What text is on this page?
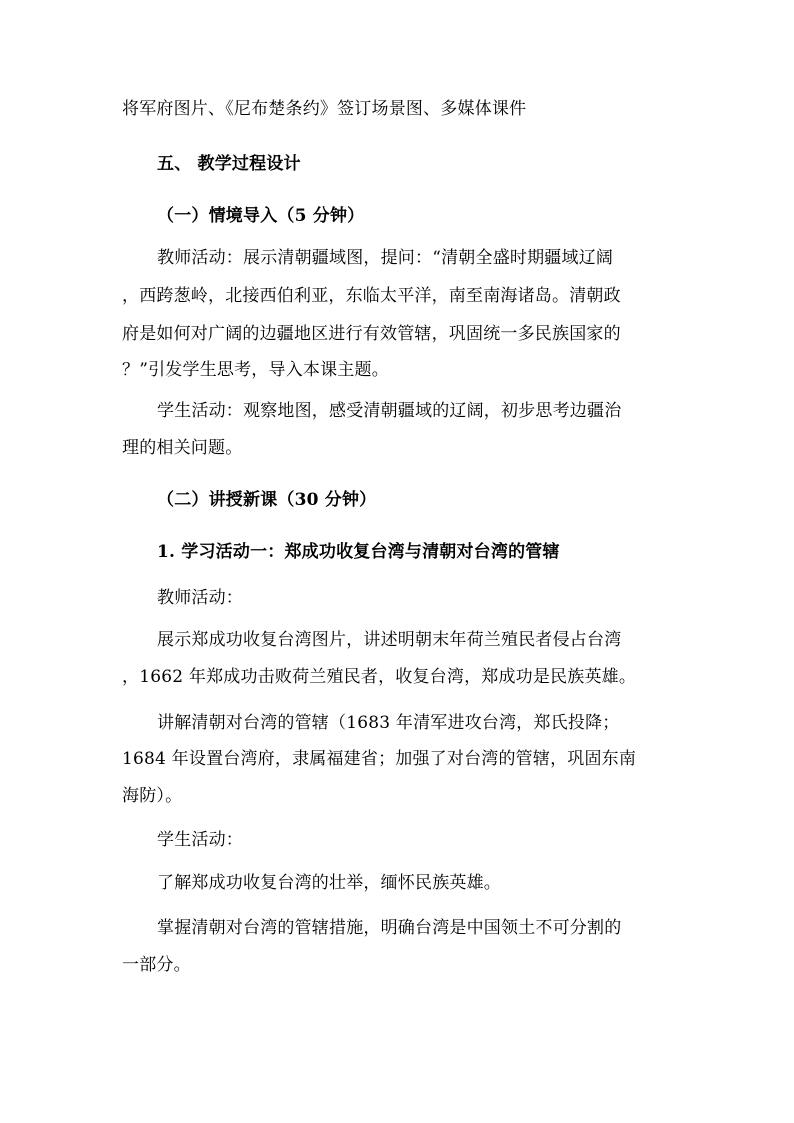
将军府图片、《尼布楚条约》签订场景图、多媒体课件
五、 教学过程设计
（一）情境导入（5 分钟）
教师活动：展示清朝疆域图，提问：“清朝全盛时期疆域辽阔
，西跨葱岭，北接西伯利亚，东临太平洋，南至南海诸岛。清朝政
府是如何对广阔的边疆地区进行有效管辖，巩固统一多民族国家的
？”引发学生思考，导入本课主题。
学生活动：观察地图，感受清朝疆域的辽阔，初步思考边疆治
理的相关问题。
（二）讲授新课（30 分钟）
1. 学习活动一：郑成功收复台湾与清朝对台湾的管辖
教师活动：
展示郑成功收复台湾图片，讲述明朝末年荷兰殖民者侵占台湾
，1662 年郑成功击败荷兰殖民者，收复台湾，郑成功是民族英雄。
讲解清朝对台湾的管辖（1683 年清军进攻台湾，郑氏投降；
1684 年设置台湾府，隶属福建省；加强了对台湾的管辖，巩固东南
海防）。
学生活动：
了解郑成功收复台湾的壮举，缅怀民族英雄。
掌握清朝对台湾的管辖措施，明确台湾是中国领土不可分割的
一部分。
